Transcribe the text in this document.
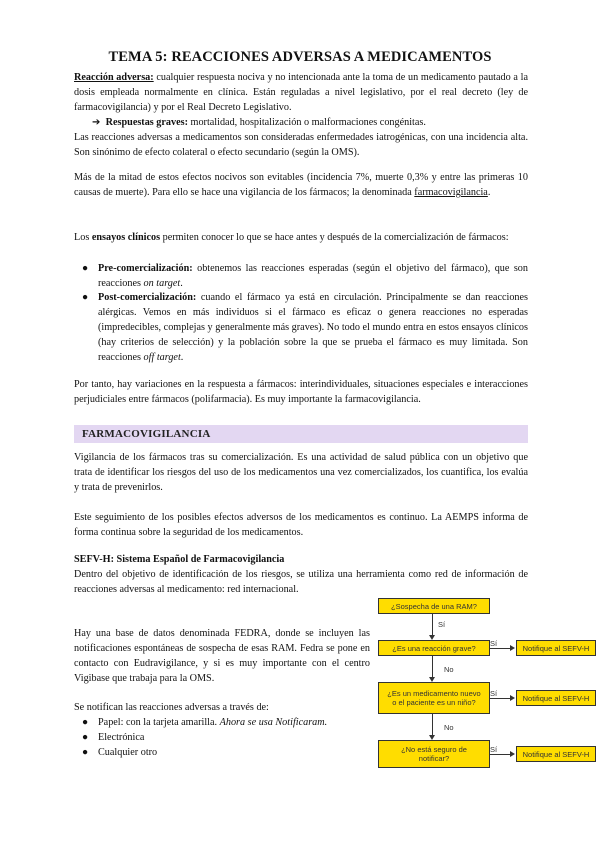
TEMA 5: REACCIONES ADVERSAS A MEDICAMENTOS
Reacción adversa: cualquier respuesta nociva y no intencionada ante la toma de un medicamento pautado a la dosis empleada normalmente en clínica. Están reguladas a nivel legislativo, por el real decreto (ley de farmacovigilancia) y por el Real Decreto Legislativo.
➔ Respuestas graves: mortalidad, hospitalización o malformaciones congénitas.
Las reacciones adversas a medicamentos son consideradas enfermedades iatrogénicas, con una incidencia alta. Son sinónimo de efecto colateral o efecto secundario (según la OMS).
Más de la mitad de estos efectos nocivos son evitables (incidencia 7%, muerte 0,3% y entre las primeras 10 causas de muerte). Para ello se hace una vigilancia de los fármacos; la denominada farmacovigilancia.
Los ensayos clínicos permiten conocer lo que se hace antes y después de la comercialización de fármacos:
● Pre-comercialización: obtenemos las reacciones esperadas (según el objetivo del fármaco), que son reacciones on target.
● Post-comercialización: cuando el fármaco ya está en circulación. Principalmente se dan reacciones alérgicas. Vemos en más individuos si el fármaco es eficaz o genera reacciones no esperadas (impredecibles, complejas y generalmente más graves). No todo el mundo entra en estos ensayos clínicos (hay criterios de selección) y la población sobre la que se prueba el fármaco es muy limitada. Son reacciones off target.
Por tanto, hay variaciones en la respuesta a fármacos: interindividuales, situaciones especiales e interacciones perjudiciales entre fármacos (polifarmacia). Es muy importante la farmacovigilancia.
FARMACOVIGILANCIA
Vigilancia de los fármacos tras su comercialización. Es una actividad de salud pública con un objetivo que trata de identificar los riesgos del uso de los medicamentos una vez comercializados, los cuantifica, los evalúa y trata de prevenirlos.
Este seguimiento de los posibles efectos adversos de los medicamentos es continuo. La AEMPS informa de forma continua sobre la seguridad de los medicamentos.
SEFV-H: Sistema Español de Farmacovigilancia
Dentro del objetivo de identificación de los riesgos, se utiliza una herramienta como red de información de reacciones adversas al medicamento: red internacional.
Hay una base de datos denominada FEDRA, donde se incluyen las notificaciones espontáneas de sospecha de esas RAM. Fedra se pone en contacto con Eudravigilance, y si es muy importante con el centro Vigibase que trabaja para la OMS.
Se notifican las reacciones adversas a través de:
● Papel: con la tarjeta amarilla. Ahora se usa Notificaram.
● Electrónica
● Cualquier otro
¿Sospecha de una RAM?
Sí
¿Es una reacción grave?	Sí	Notifique al SEFV-H
No
¿Es un medicamento nuevo o el paciente es un niño?
Sí	Notifique al SEFV-H
No
¿No está seguro de notificar?
Sí	Notifique al SEFV-H
